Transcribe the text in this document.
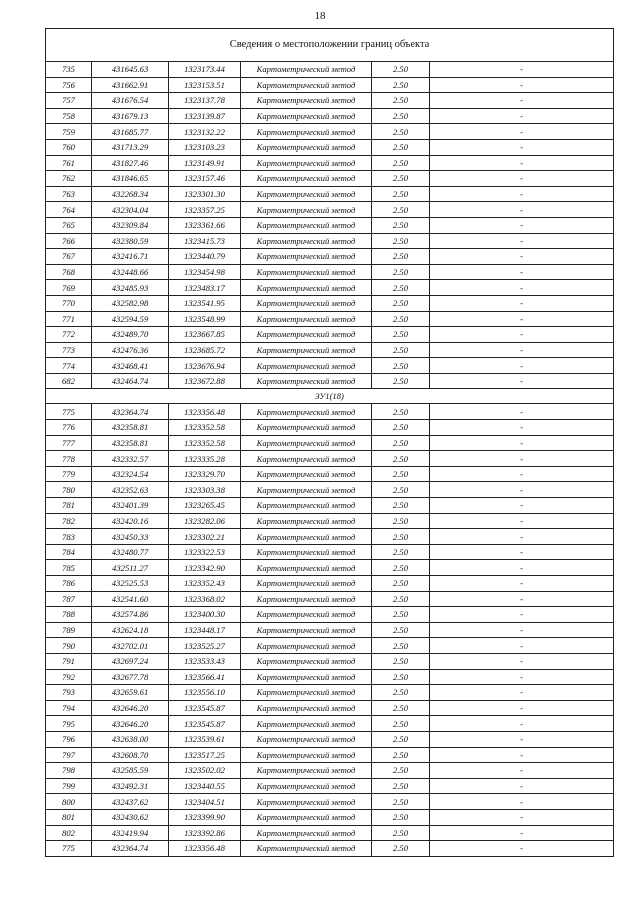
18
Сведения о местоположении границ объекта					
735	431645.63	1323173.44	Картометрический метод	2.50	-
756	431662.91	1323153.51	Картометрический метод	2.50	-
757	431676.54	1323137.78	Картометрический метод	2.50	-
758	431679.13	1323139.87	Картометрический метод	2.50	-
759	431685.77	1323132.22	Картометрический метод	2.50	-
760	431713.29	1323103.23	Картометрический метод	2.50	-
761	431827.46	1323149.91	Картометрический метод	2.50	-
762	431846.65	1323157.46	Картометрический метод	2.50	-
763	432268.34	1323301.30	Картометрический метод	2.50	-
764	432304.04	1323357.25	Картометрический метод	2.50	-
765	432309.84	1323361.66	Картометрический метод	2.50	-
766	432380.59	1323415.73	Картометрический метод	2.50	-
767	432416.71	1323440.79	Картометрический метод	2.50	-
768	432448.66	1323454.98	Картометрический метод	2.50	-
769	432485.93	1323483.17	Картометрический метод	2.50	-
770	432582.98	1323541.95	Картометрический метод	2.50	-
771	432594.59	1323548.99	Картометрический метод	2.50	-
772	432489.70	1323667.85	Картометрический метод	2.50	-
773	432476.36	1323685.72	Картометрический метод	2.50	-
774	432468.41	1323676.94	Картометрический метод	2.50	-
682	432464.74	1323672.88	Картометрический метод	2.50	-
ЗУ1(18)					
775	432364.74	1323356.48	Картометрический метод	2.50	-
776	432358.81	1323352.58	Картометрический метод	2.50	-
777	432358.81	1323352.58	Картометрический метод	2.50	-
778	432332.57	1323335.28	Картометрический метод	2.50	-
779	432324.54	1323329.70	Картометрический метод	2.50	-
780	432352.63	1323303.38	Картометрический метод	2.50	-
781	432401.39	1323265.45	Картометрический метод	2.50	-
782	432420.16	1323282.06	Картометрический метод	2.50	-
783	432450.33	1323302.21	Картометрический метод	2.50	-
784	432480.77	1323322.53	Картометрический метод	2.50	-
785	432511.27	1323342.90	Картометрический метод	2.50	-
786	432525.53	1323352.43	Картометрический метод	2.50	-
787	432541.60	1323368.02	Картометрический метод	2.50	-
788	432574.86	1323400.30	Картометрический метод	2.50	-
789	432624.18	1323448.17	Картометрический метод	2.50	-
790	432702.01	1323525.27	Картометрический метод	2.50	-
791	432697.24	1323533.43	Картометрический метод	2.50	-
792	432677.78	1323566.41	Картометрический метод	2.50	-
793	432659.61	1323556.10	Картометрический метод	2.50	-
794	432646.20	1323545.87	Картометрический метод	2.50	-
795	432646.20	1323545.87	Картометрический метод	2.50	-
796	432638.00	1323539.61	Картометрический метод	2.50	-
797	432608.70	1323517.25	Картометрический метод	2.50	-
798	432585.59	1323502.02	Картометрический метод	2.50	-
799	432492.31	1323440.55	Картометрический метод	2.50	-
800	432437.62	1323404.51	Картометрический метод	2.50	-
801	432430.62	1323399.90	Картометрический метод	2.50	-
802	432419.94	1323392.86	Картометрический метод	2.50	-
775	432364.74	1323356.48	Картометрический метод	2.50	-
